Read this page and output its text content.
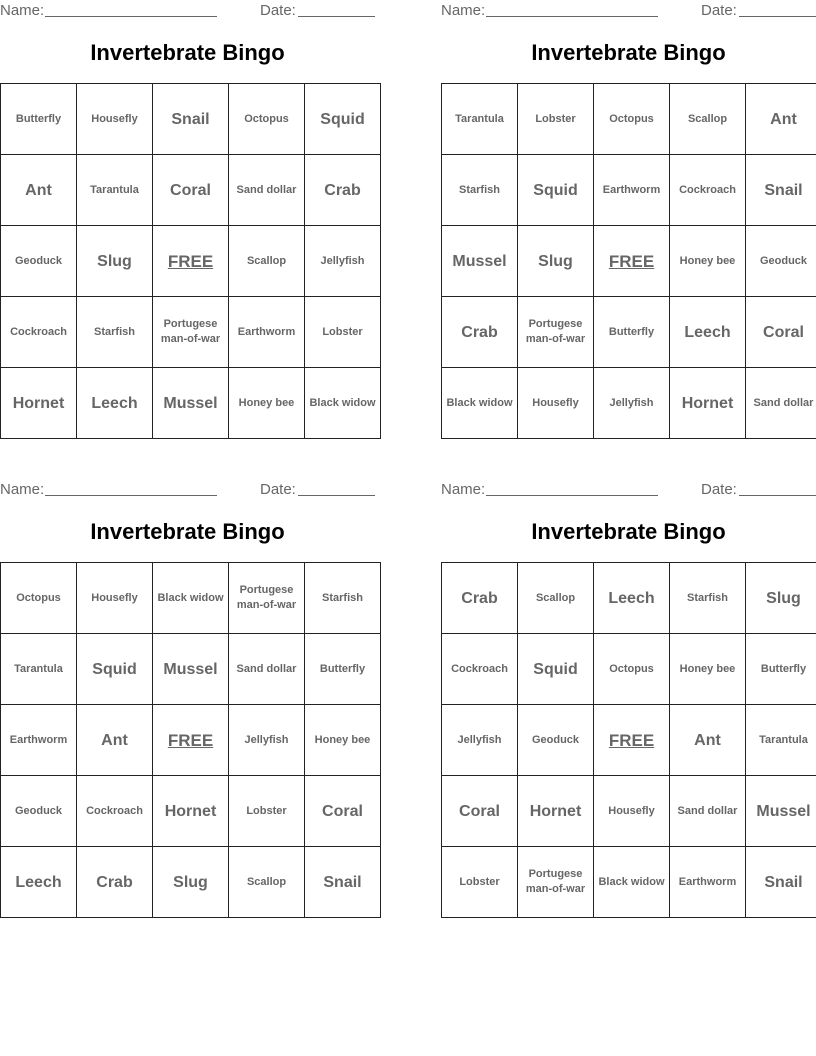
Name:	Date:
Invertebrate Bingo
Butterfly	Housefly	Snail	Octopus	Squid
Ant	Tarantula	Coral	Sand dollar	Crab
Geoduck	Slug	FREE	Scallop	Jellyfish
Cockroach	Starfish	Portugese man-of-war	Earthworm	Lobster
Hornet	Leech	Mussel	Honey bee	Black widow
Name:	Date:
Invertebrate Bingo
Tarantula	Lobster	Octopus	Scallop	Ant
Starfish	Squid	Earthworm	Cockroach	Snail
Mussel	Slug	FREE	Honey bee	Geoduck
Crab	Portugese man-of-war	Butterfly	Leech	Coral
Black widow	Housefly	Jellyfish	Hornet	Sand dollar
Name:	Date:
Invertebrate Bingo
Octopus	Housefly	Black widow	Portugese man-of-war	Starfish
Tarantula	Squid	Mussel	Sand dollar	Butterfly
Earthworm	Ant	FREE	Jellyfish	Honey bee
Geoduck	Cockroach	Hornet	Lobster	Coral
Leech	Crab	Slug	Scallop	Snail
Name:	Date:
Invertebrate Bingo
Crab	Scallop	Leech	Starfish	Slug
Cockroach	Squid	Octopus	Honey bee	Butterfly
Jellyfish	Geoduck	FREE	Ant	Tarantula
Coral	Hornet	Housefly	Sand dollar	Mussel
Lobster	Portugese man-of-war	Black widow	Earthworm	Snail
